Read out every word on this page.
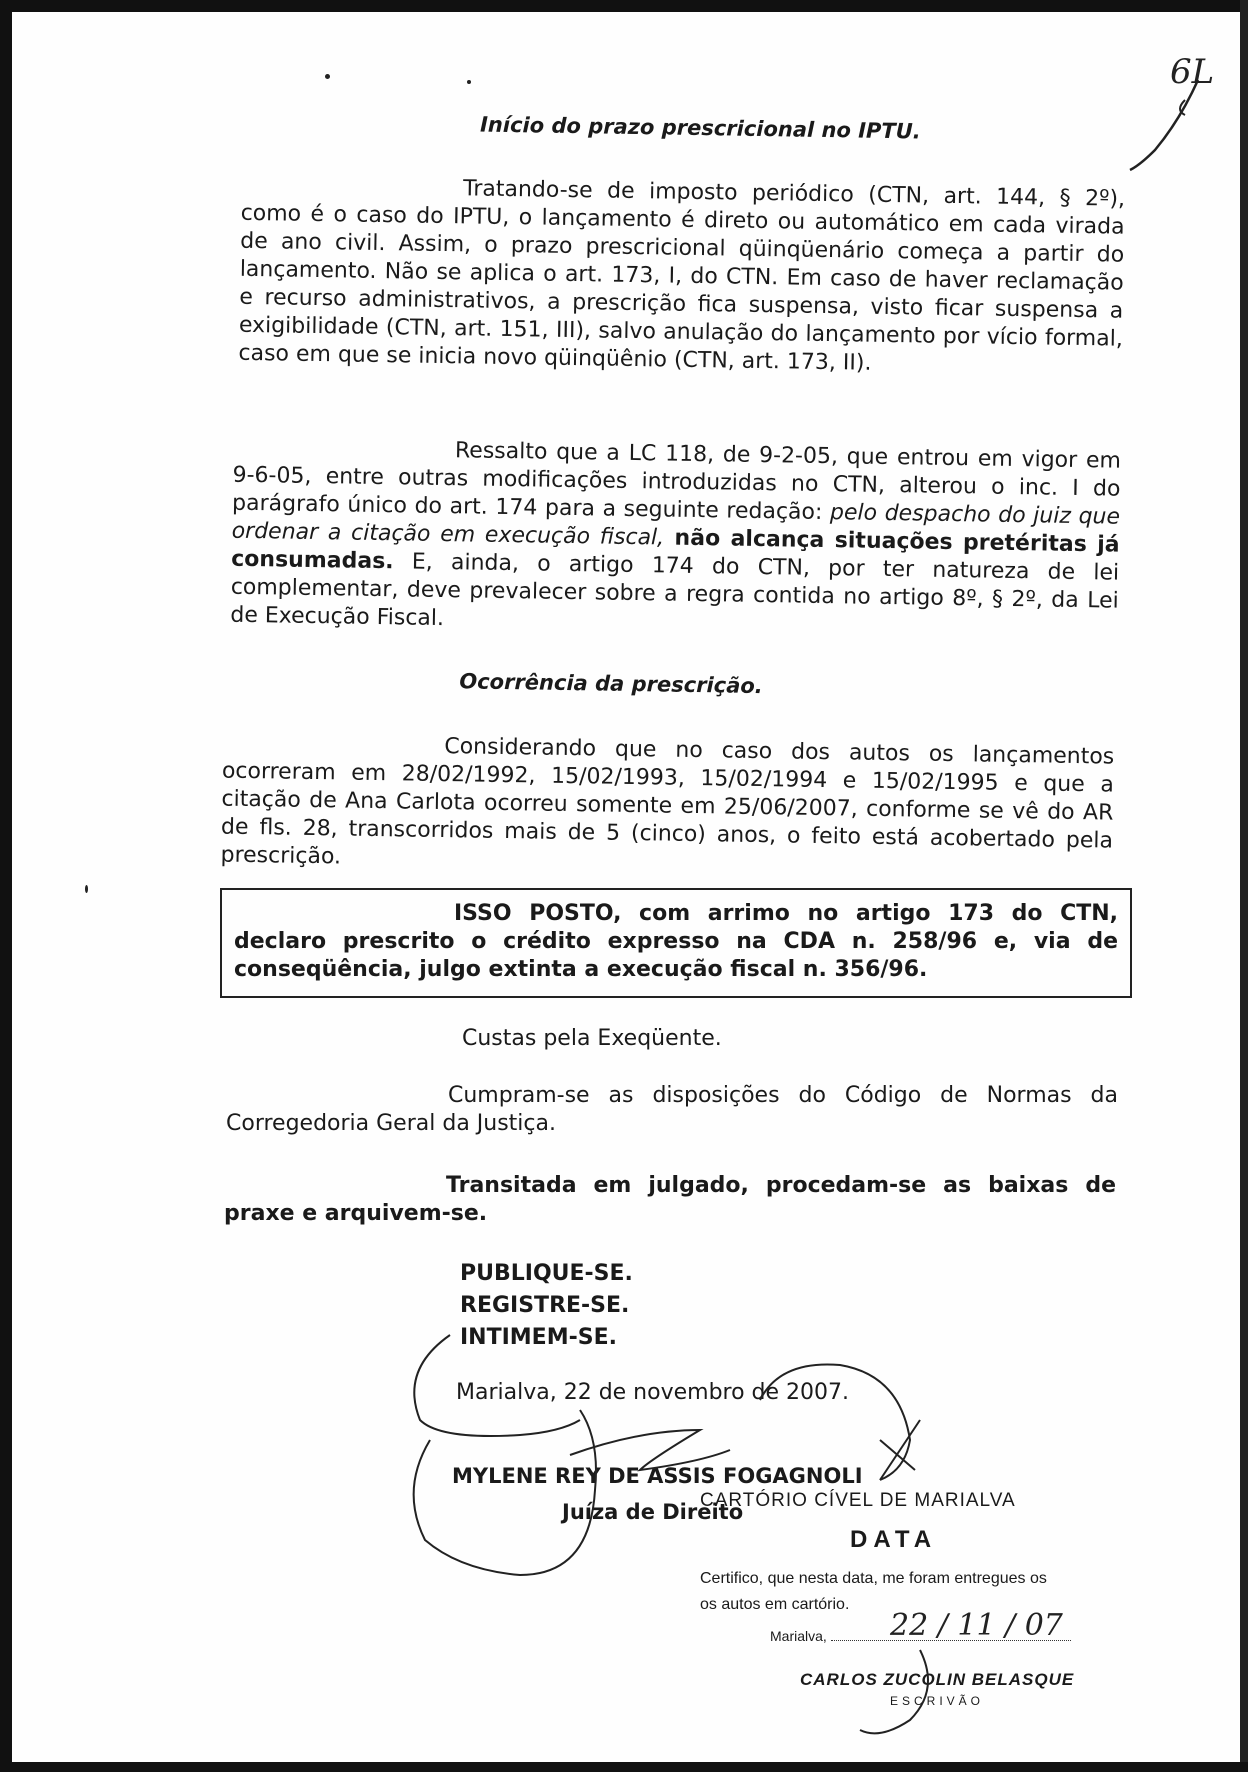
6L
Início do prazo prescricional no IPTU.

Tratando-se de imposto periódico (CTN, art. 144, § 2º), como é o caso do IPTU, o lançamento é direto ou automático em cada virada de ano civil. Assim, o prazo prescricional qüinqüenário começa a partir do lançamento. Não se aplica o art. 173, I, do CTN. Em caso de haver reclamação e recurso administrativos, a prescrição fica suspensa, visto ficar suspensa a exigibilidade (CTN, art. 151, III), salvo anulação do lançamento por vício formal, caso em que se inicia novo qüinqüênio (CTN, art. 173, II).

Ressalto que a LC 118, de 9-2-05, que entrou em vigor em 9-6-05, entre outras modificações introduzidas no CTN, alterou o inc. I do parágrafo único do art. 174 para a seguinte redação: pelo despacho do juiz que ordenar a citação em execução fiscal, não alcança situações pretéritas já consumadas. E, ainda, o artigo 174 do CTN, por ter natureza de lei complementar, deve prevalecer sobre a regra contida no artigo 8º, § 2º, da Lei de Execução Fiscal.

Ocorrência da prescrição.

Considerando que no caso dos autos os lançamentos ocorreram em 28/02/1992, 15/02/1993, 15/02/1994 e 15/02/1995 e que a citação de Ana Carlota ocorreu somente em 25/06/2007, conforme se vê do AR de fls. 28, transcorridos mais de 5 (cinco) anos, o feito está acobertado pela prescrição.

ISSO POSTO, com arrimo no artigo 173 do CTN, declaro prescrito o crédito expresso na CDA n. 258/96 e, via de conseqüência, julgo extinta a execução fiscal n. 356/96.

Custas pela Exeqüente.

Cumpram-se as disposições do Código de Normas da Corregedoria Geral da Justiça.

Transitada em julgado, procedam-se as baixas de praxe e arquivem-se.

PUBLIQUE-SE.
REGISTRE-SE.
INTIMEM-SE.

Marialva, 22 de novembro de 2007.

MYLENE REY DE ASSIS FOGAGNOLI
Juíza de Direito
CARTÓRIO CÍVEL DE MARIALVA
DATA
Certifico, que nesta data, me foram entregues os
os autos em cartório.
Marialva,	22 / 11 / 07
CARLOS ZUCOLIN BELASQUE
ESCRIVÃO
